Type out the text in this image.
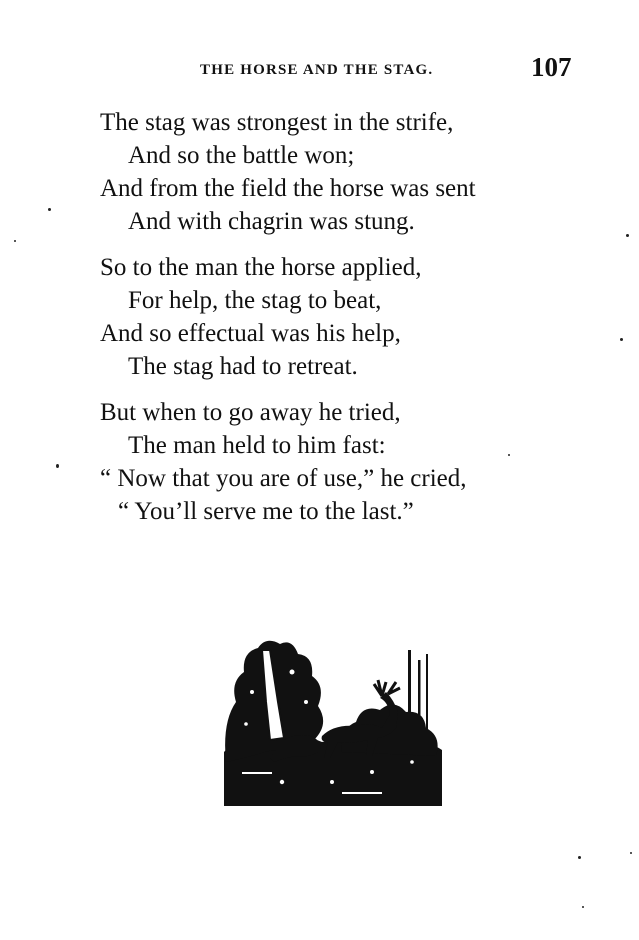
THE HORSE AND THE STAG.	107
The stag was strongest in the strife,
And so the battle won;
And from the field the horse was sent
And with chagrin was stung.
So to the man the horse applied,
For help, the stag to beat,
And so effectual was his help,
The stag had to retreat.
But when to go away he tried,
The man held to him fast:
“ Now that you are of use,” he cried,
“ You’ll serve me to the last.”
